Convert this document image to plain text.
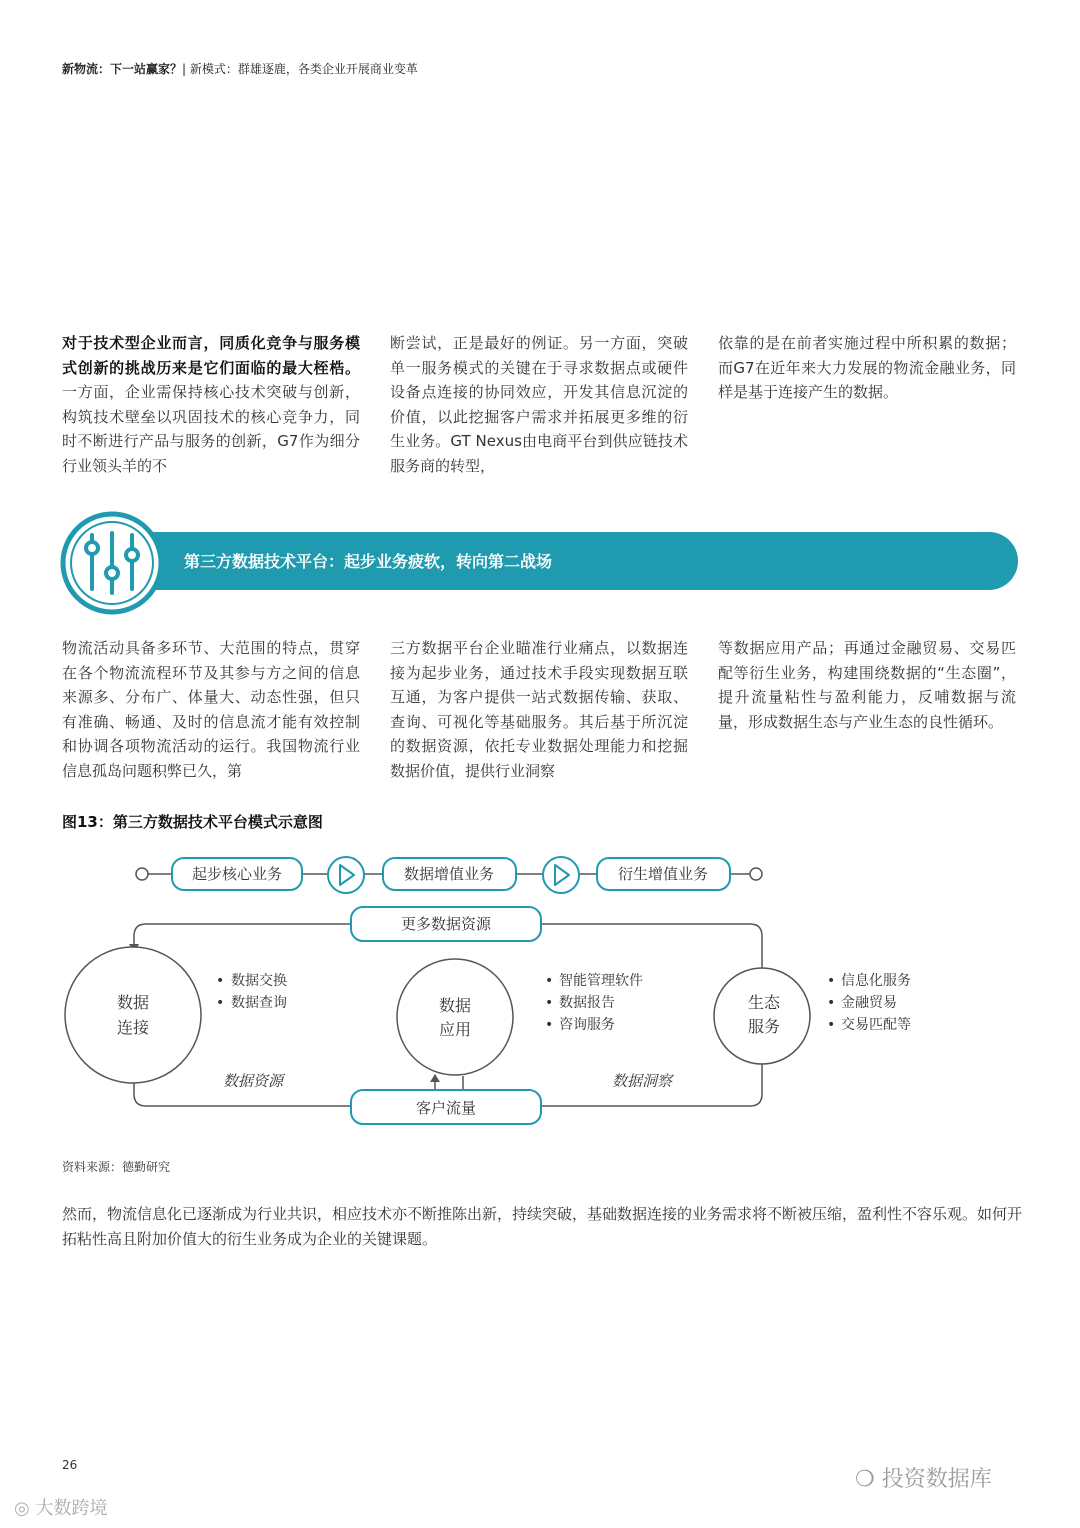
新物流：下一站赢家？| 新模式：群雄逐鹿，各类企业开展商业变革
对于技术型企业而言，同质化竞争与服务模式创新的挑战历来是它们面临的最大桎梏。一方面，企业需保持核心技术突破与创新，构筑技术壁垒以巩固技术的核心竞争力，同时不断进行产品与服务的创新，G7作为细分行业领头羊的不
断尝试，正是最好的例证。另一方面，突破单一服务模式的关键在于寻求数据点或硬件设备点连接的协同效应，开发其信息沉淀的价值，以此挖掘客户需求并拓展更多维的衍生业务。GT Nexus由电商平台到供应链技术服务商的转型，
依靠的是在前者实施过程中所积累的数据；而G7在近年来大力发展的物流金融业务，同样是基于连接产生的数据。
第三方数据技术平台：起步业务疲软，转向第二战场
物流活动具备多环节、大范围的特点，贯穿在各个物流流程环节及其参与方之间的信息来源多、分布广、体量大、动态性强，但只有准确、畅通、及时的信息流才能有效控制和协调各项物流活动的运行。我国物流行业信息孤岛问题积弊已久，第
三方数据平台企业瞄准行业痛点，以数据连接为起步业务，通过技术手段实现数据互联互通，为客户提供一站式数据传输、获取、查询、可视化等基础服务。其后基于所沉淀的数据资源，依托专业数据处理能力和挖掘数据价值，提供行业洞察
等数据应用产品；再通过金融贸易、交易匹配等衍生业务，构建围绕数据的“生态圈”，提升流量粘性与盈利能力，反哺数据与流量，形成数据生态与产业生态的良性循环。
图13：第三方数据技术平台模式示意图
起步核心业务	数据增值业务	衍生增值业务
更多数据资源
数据
连接
• 数据交换
• 数据查询	数据
应用
• 智能管理软件
• 数据报告
• 咨询服务
生态
服务
• 信息化服务
• 金融贸易
• 交易匹配等
数据资源	数据洞察
客户流量
资料来源：德勤研究
然而，物流信息化已逐渐成为行业共识，相应技术亦不断推陈出新，持续突破，基础数据连接的业务需求将不断被压缩，盈利性不容乐观。如何开拓粘性高且附加价值大的衍生业务成为企业的关键课题。
26
❍ 投资数据库
◎ 大数跨境
